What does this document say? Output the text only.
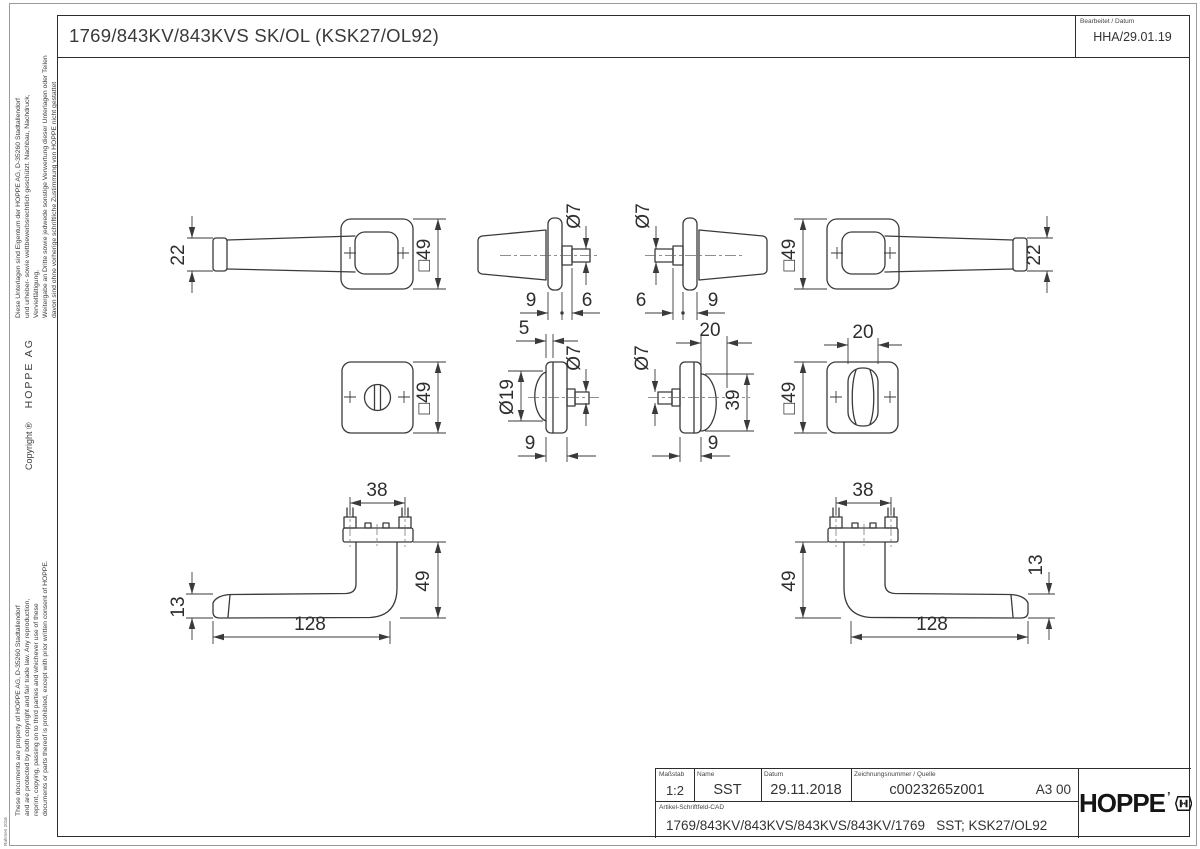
1769/843KV/843KVS SK/OL (KSK27/OL92)
Bearbeitet / Datum
HHA/29.01.19
Diese Unterlagen sind Eigentum der HOPPE AG, D-35260 Stadtallendorf und urheber- sowie wettbewerbsrechtlich geschützt. Nachbau, Nachdruck, Vervielfältigung, Weitergabe an Dritte sowie jedwede sonstige Verwertung dieser Unterlagen oder Teilen davon sind ohne vorherige schriftliche Zustimmung von HOPPE nicht gestattet
Copyright ®
HOPPE AG
These documents are property of HOPPE AG, D-35260 Stadtallendorf and are protected by both copyright and fair trade law. Any reproduction, reprint, copying, passing on to third parties and whichever use of these documents or parts thereof is prohibited, except with prior written consent of HOPPE.
Rahmen 2016
22	□49	□49	22
Ø7
9 6
Ø7
6	9
5
Ø19
Ø7
9
Ø7
20
39
9
□49
20
□49
38
49
13
128
38
49
13
128
Maßstab
1:2
Name
SST
Datum
29.11.2018
Zeichnungsnummer / Quelle
c0023265z001	A3 00
Artikel-Schriftfeld-CAD
1769/843KV/843KVS/843KVS/843KV/1769   SST; KSK27/OL92
HOPPE ’
